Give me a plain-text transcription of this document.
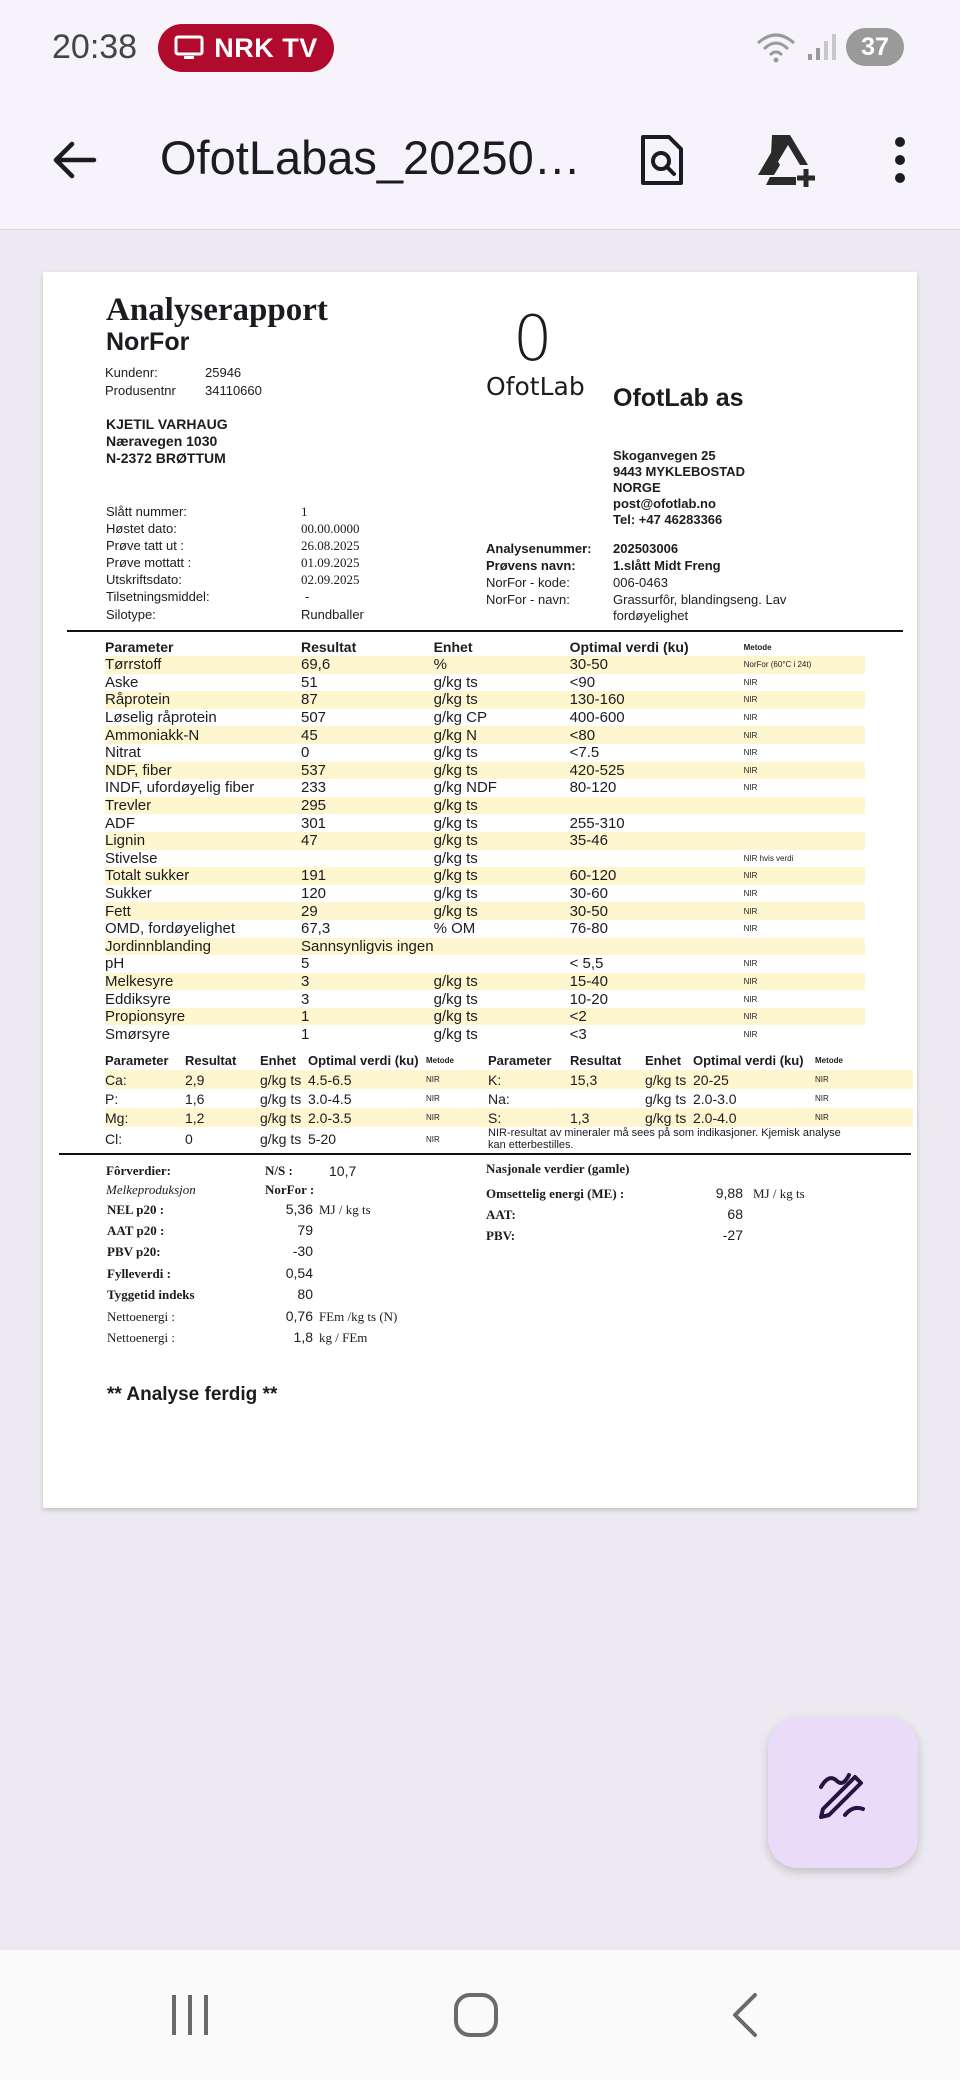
20:38	NRK TV	37
OfotLabas_20250…
Analyserapport
NorFor
Kundenr:	25946
Produsentnr 34110660
KJETIL VARHAUG
Næravegen 1030
N-2372 BRØTTUM
0
OfotLab OfotLab as
Skoganvegen 25
9443 MYKLEBOSTAD
NORGE
post@ofotlab.no
Tel: +47 46283366
Slått nummer:	1
Høstet dato:	00.00.0000
Prøve tatt ut :	26.08.2025
Prøve mottatt :	01.09.2025
Utskriftsdato:	02.09.2025
Tilsetningsmiddel:	-
Silotype:	Rundballer
Analysenummer: 202503006
Prøvens navn:	1.slått Midt Freng
NorFor - kode:	006-0463
NorFor - navn:	Grassurfôr, blandingseng. Lav
fordøyelighet
Parameter	Resultat	Enhet	Optimal verdi (ku)	Metode
Tørrstoff	69,6	%	30-50	NorFor (60°C i 24t)
Aske	51	g/kg ts	<90	NIR
Råprotein	87	g/kg ts	130-160	NIR
Løselig råprotein	507	g/kg CP	400-600	NIR
Ammoniakk-N	45	g/kg N	<80	NIR
Nitrat	0	g/kg ts	<7.5	NIR
NDF, fiber	537	g/kg ts	420-525	NIR
INDF, ufordøyelig fiber	233	g/kg NDF	80-120	NIR
Trevler	295	g/kg ts		
ADF	301	g/kg ts	255-310	
Lignin	47	g/kg ts	35-46	
Stivelse		g/kg ts		NIR hvis verdi
Totalt sukker	191	g/kg ts	60-120	NIR
Sukker	120	g/kg ts	30-60	NIR
Fett	29	g/kg ts	30-50	NIR
OMD, fordøyelighet	67,3	% OM	76-80	NIR
Jordinnblanding	Sannsynligvis ingen			
pH	5		< 5,5	NIR
Melkesyre	3	g/kg ts	15-40	NIR
Eddiksyre	3	g/kg ts	10-20	NIR
Propionsyre	1	g/kg ts	<2	NIR
Smørsyre	1	g/kg ts	<3	NIR
Parameter	Resultat	Enhet	Optimal verdi (ku)	Metode	Parameter	Resultat	Enhet	Optimal verdi (ku)	Metode
Ca:	2,9	g/kg ts	4.5-6.5	NIR	K:	15,3	g/kg ts	20-25	NIR
P:	1,6	g/kg ts	3.0-4.5	NIR	Na:		g/kg ts	2.0-3.0	NIR
Mg:	1,2	g/kg ts	2.0-3.5	NIR	S:	1,3	g/kg ts	2.0-4.0	NIR
Cl:	0	g/kg ts	5-20	NIR	NIR-resultat av mineraler må sees på som indikasjoner. Kjemisk analyse
kan etterbestilles.				
Fôrverdier:	N/S :	10,7
Melkeproduksjon	NorFor :
NEL p20 :	5,36 MJ / kg ts
AAT p20 :	79
PBV p20:	-30
Fylleverdi :	0,54
Tyggetid indeks	80
Nettoenergi :	0,76 FEm /kg ts (N)
Nettoenergi :	1,8 kg / FEm
Nasjonale verdier (gamle)
Omsettelig energi (ME) :	9,88 MJ / kg ts
AAT:	68
PBV:	-27
** Analyse ferdig **
